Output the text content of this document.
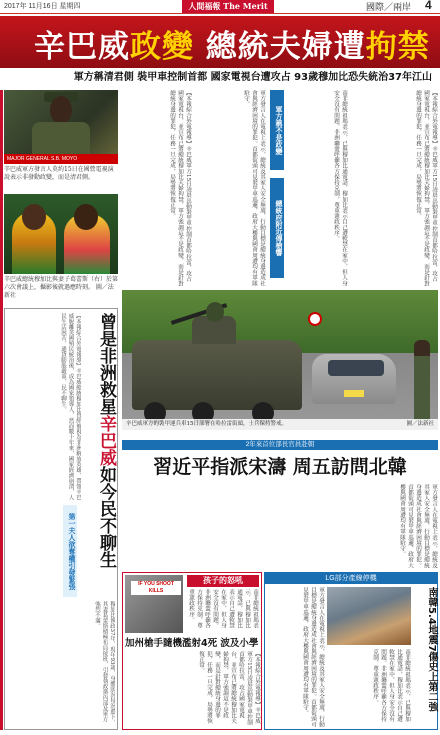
2017年 11月16日 星期四	人間福報 The Merit	國際／兩岸 4
辛巴威政變 總統夫婦遭拘禁
軍方稱清君側 裝甲車控制首都 國家電視台遭攻占 93歲穆加比恐失統治37年江山
MAJOR GENERAL S.B. MOYO
辛巴威軍方發言人莫約15日在國營電視演說表示非發動政變，而是清君側。
辛巴威總統穆加比與妻子葛蕾斯（右）於第六次會議上，攝影後就過應時刻。 圖／法新社
曾是非洲救星辛巴威如今民不聊生
【本報綜合外電報導】辛巴威總統穆加比曾經被視為非洲解放英雄，帶領辛巴威脫離英國殖民統治後，成為國家領導人，然而數十年來，國家經濟崩潰，人民生活困苦，通貨膨脹嚴重，民不聊生。
第一夫人欲奪權引發緊張
穆加比執政37年，現年93歲，身體狀況每況愈下，其妻葛蕾斯積極布局接班，引發執政黨內部及軍方強烈不滿。
【本報綜合外電報導】辛巴威軍方15日凌晨出動裝甲車控制首都哈拉雷，攻占國家電視台，並宣布已將總統穆加比夫婦拘禁，軍方強調這不是政變，而是針對總統身邊的罪犯，任務一旦完成，局勢將恢復正常。	軍方發言人在電視上表示，總統及其家人安全無虞，行動目標是總統身邊造成社會與經濟困境的罪犯。首都街頭可見裝甲車巡邏，政府大樓與國會周遭均有軍隊駐守。
軍方稱不是政變	南非總統祖瑪表示，已與穆加比通電話，穆加比表示自己遭軟禁在家中，但人身安全沒有問題。非洲聯盟呼籲各方保持克制，尊重憲政秩序。
總統府附近傳槍響	【本報綜合外電報導】辛巴威軍方15日凌晨出動裝甲車控制首都哈拉雷，攻占國家電視台，並宣布已將總統穆加比夫婦拘禁，軍方強調這不是政變，而是針對總統身邊的罪犯，任務一旦完成，局勢將恢復正常。
辛巴威軍方的裝甲運兵車15日部署在哈拉雷街頭，士兵保持警戒。	圖／法新社
2年來首位部長官員赴朝
習近平指派宋濤 周五訪問北韓
軍方發言人在電視上表示，總統及其家人安全無虞，行動目標是總統身邊造成社會與經濟困境的罪犯。首都街頭可見裝甲車巡邏，政府大樓與國會周遭均有軍隊駐守。
IF YOU SHOOT KILLS
孩子的怒吼
南非總統祖瑪表示，已與穆加比通電話，穆加比表示自己遭軟禁在家中，但人身安全沒有問題。非洲聯盟呼籲各方保持克制，尊重憲政秩序。
加州槍手隨機濫射4死 波及小學
【本報綜合外電報導】辛巴威軍方15日凌晨出動裝甲車控制首都哈拉雷，攻占國家電視台，並宣布已將總統穆加比夫婦拘禁，軍方強調這不是政變，而是針對總統身邊的罪犯，任務一旦完成，局勢將恢復正常。
LG部分產線停機
軍方發言人在電視上表示，總統及其家人安全無虞，行動目標是總統身邊造成社會與經濟困境的罪犯。首都街頭可見裝甲車巡邏，政府大樓與國會周遭均有軍隊駐守。	南非總統祖瑪表示，已與穆加比通電話，穆加比表示自己遭軟禁在家中，但人身安全沒有問題。非洲聯盟呼籲各方保持克制，尊重憲政秩序。	南韓5.4地震7傷史上第二強
